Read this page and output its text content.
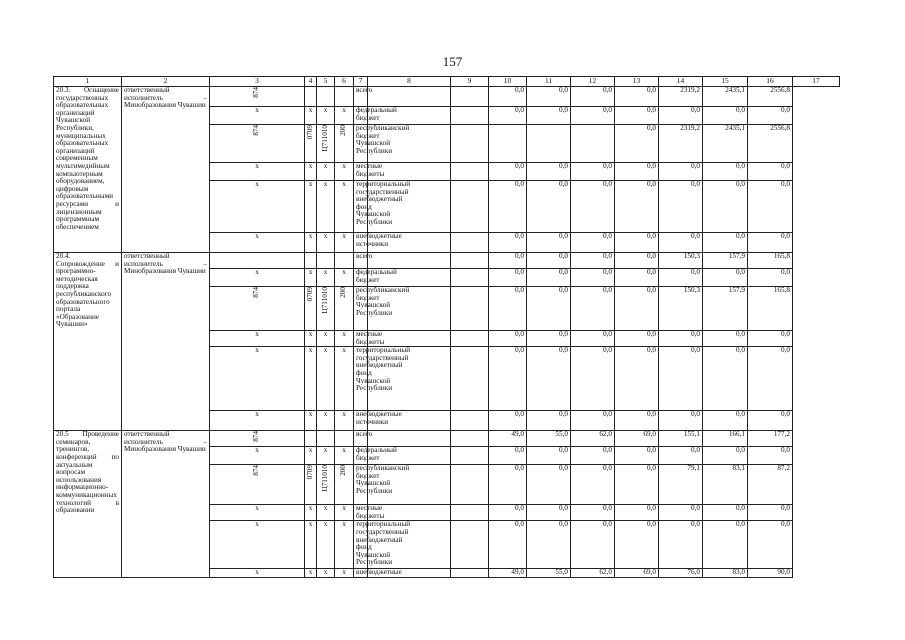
157
1	2	3	4	5	6	7	8	9	10	11	12	13	14	15	16	17
20.3. Оснащение государственных образовательных организаций Чувашской Республики, муниципальных образовательных организаций современным мультимедийным компьютерным оборудованием, цифровым образовательными ресурсами и лицензионным программным обеспечением	ответственный исполнитель – Минобразования Чувашии	874				всего			0,0	0,0	0,0	0,0	2319,2	2435,1	2556,8	
		x	x	x	x	федеральный бюджет			0,0	0,0	0,0	0,0	0,0	0,0	0,0	
		874	0709	Ц711010	200	республиканский бюджет Чувашской Республики						0,0	2319,2	2435,1	2556,8	
		x	x	x	x	местные бюджеты			0,0	0,0	0,0	0,0	0,0	0,0	0,0	
		x	x	x	x	территориальный государственный внебюджетный фонд Чувашской Республики			0,0	0,0	0,0	0,0	0,0	0,0	0,0	
		x	x	x	x	внебюджетные источники			0,0	0,0	0,0	0,0	0,0	0,0	0,0	
20.4. Сопровождение и программно-методическая поддержка республиканского образовательного портала «Образование Чувашии»	ответственный исполнитель – Минобразования Чувашии					всего			0,0	0,0	0,0	0,0	150,3	157,9	165,8	
		x	x	x	x	федеральный бюджет			0,0	0,0	0,0	0,0	0,0	0,0	0,0	
		874	0709	Ц711010	200	республиканский бюджет Чувашской Республики			0,0	0,0	0,0	0,0	150,3	157,9	165,8	
		x	x	x	x	местные бюджеты			0,0	0,0	0,0	0,0	0,0	0,0	0,0	
		x	x	x	x	территориальный государственный внебюджетный фонд Чувашской Республики			0,0	0,0	0,0	0,0	0,0	0,0	0,0	
		x	x	x	x	внебюджетные источники			0,0	0,0	0,0	0,0	0,0	0,0	0,0	
20.5 Проведение семинаров, тренингов, конференций по актуальным вопросам использования информационно-коммуникационных технологий в образовании	ответственный исполнитель – Минобразования Чувашии	874				всего			49,0	55,0	62,0	69,0	155,1	166,1	177,2	
		x	x	x	x	федеральный бюджет			0,0	0,0	0,0	0,0	0,0	0,0	0,0	
		874	0709	Ц711010	200	республиканский бюджет Чувашской Республики			0,0	0,0	0,0	0,0	79,1	83,1	87,2	
		x	x	x	x	местные бюджеты			0,0	0,0	0,0	0,0	0,0	0,0	0,0	
		x	x	x	x	территориальный государственный внебюджетный фонд Чувашской Республики			0,0	0,0	0,0	0,0	0,0	0,0	0,0	
		x	x	x	x	внебюджетные			49,0	55,0	62,0	69,0	76,0	83,0	90,0	
